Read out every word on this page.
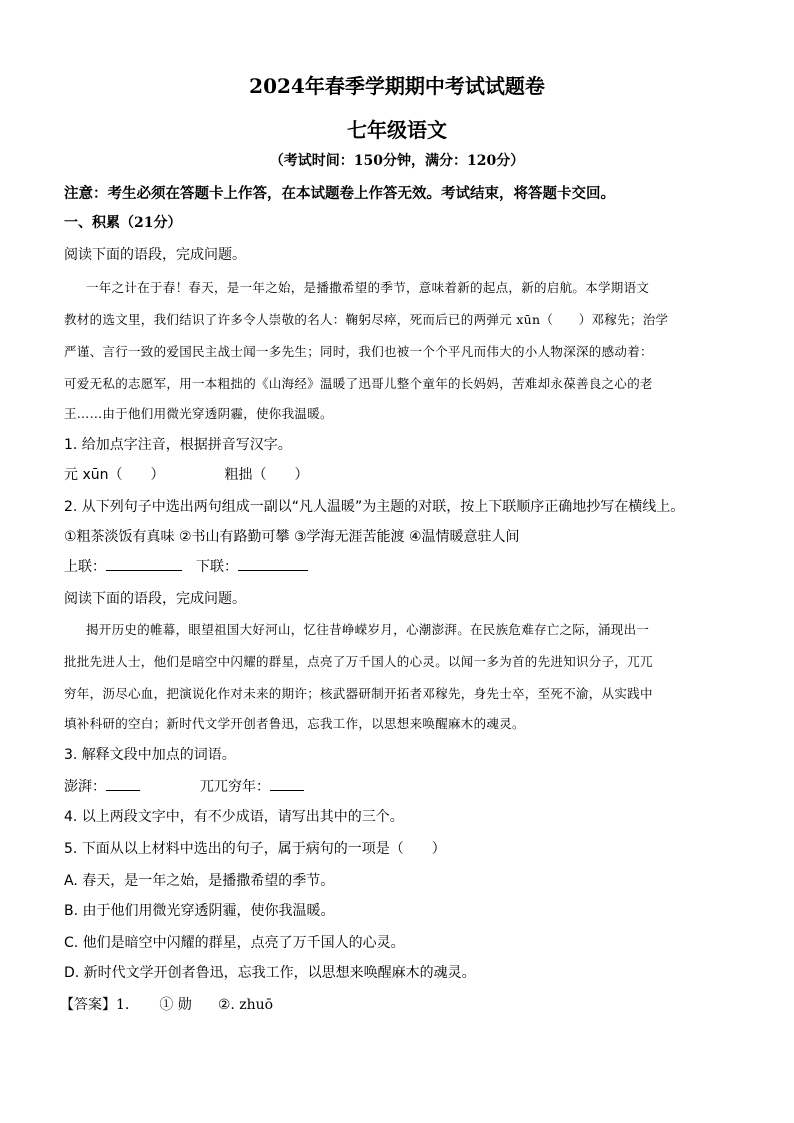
2024年春季学期期中考试试题卷
七年级语文
（考试时间：150分钟，满分：120分）
注意：考生必须在答题卡上作答，在本试题卷上作答无效。考试结束，将答题卡交回。
一、积累（21分）
阅读下面的语段，完成问题。
一年之计在于春！春天，是一年之始，是播撒希望的季节，意味着新的起点，新的启航。本学期语文
教材的选文里，我们结识了许多令人崇敬的名人：鞠躬尽瘁，死而后已的两弹元 xūn（　　）邓稼先；治学
严谨、言行一致的爱国民主战士闻一多先生；同时，我们也被一个个平凡而伟大的小人物深深的感动着：
可爱无私的志愿军，用一本粗拙的《山海经》温暖了迅哥儿整个童年的长妈妈，苦难却永葆善良之心的老
王……由于他们用微光穿透阴霾，使你我温暖。
1. 给加点字注音，根据拼音写汉字。
元 xūn（　　）	粗拙（　　）
2. 从下列句子中选出两句组成一副以“凡人温暖”为主题的对联，按上下联顺序正确地抄写在横线上。
①粗茶淡饭有真味 ②书山有路勤可攀 ③学海无涯苦能渡 ④温情暖意驻人间
上联：	下联：
阅读下面的语段，完成问题。
揭开历史的帷幕，眼望祖国大好河山，忆往昔峥嵘岁月，心潮澎湃。在民族危难存亡之际，涌现出一
批批先进人士，他们是暗空中闪耀的群星，点亮了万千国人的心灵。以闻一多为首的先进知识分子，兀兀
穷年，沥尽心血，把演说化作对未来的期许；核武器研制开拓者邓稼先，身先士卒，至死不渝，从实践中
填补科研的空白；新时代文学开创者鲁迅，忘我工作，以思想来唤醒麻木的魂灵。
3. 解释文段中加点的词语。
澎湃：	兀兀穷年：
4. 以上两段文字中，有不少成语，请写出其中的三个。
5. 下面从以上材料中选出的句子，属于病句的一项是（　　）
A. 春天，是一年之始，是播撒希望的季节。
B. 由于他们用微光穿透阴霾，使你我温暖。
C. 他们是暗空中闪耀的群星，点亮了万千国人的心灵。
D. 新时代文学开创者鲁迅，忘我工作，以思想来唤醒麻木的魂灵。
【答案】1. ① 勋 ②. zhuō
